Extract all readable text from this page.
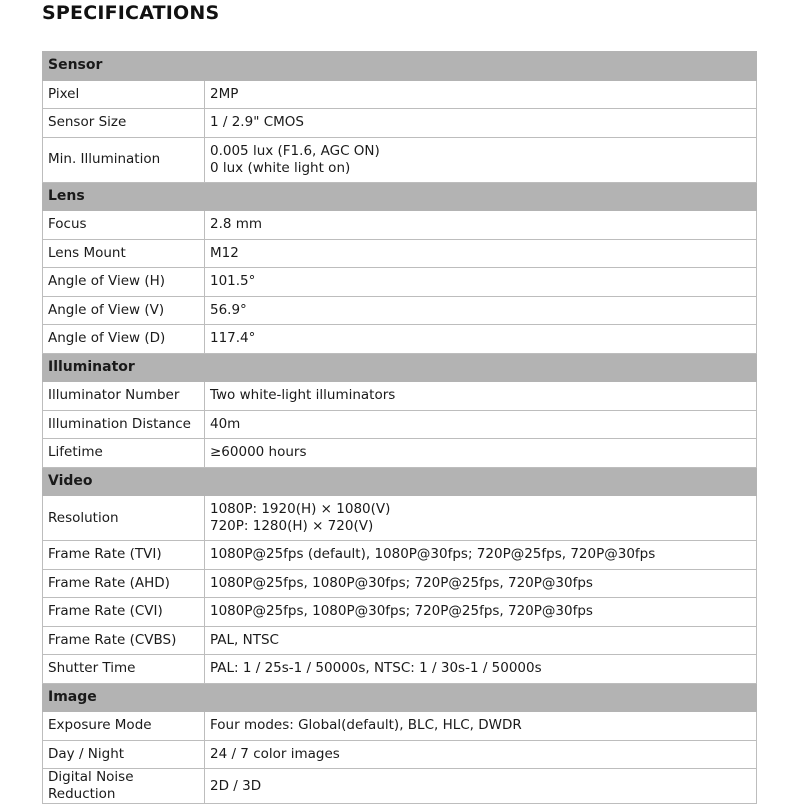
SPECIFICATIONS
Sensor	
Pixel	2MP

Sensor Size	1 / 2.9" CMOS

Min. Illumination	0.005 lux (F1.6, AGC ON)
0 lux (white light on)

Lens	
Focus	2.8 mm

Lens Mount	M12

Angle of View (H)	101.5°

Angle of View (V)	56.9°

Angle of View (D)	117.4°

Illuminator	
Illuminator Number	Two white-light illuminators

Illumination Distance	40m

Lifetime	≥60000 hours

Video	
Resolution	1080P: 1920(H) × 1080(V)
720P: 1280(H) × 720(V)

Frame Rate (TVI)	1080P@25fps (default), 1080P@30fps; 720P@25fps, 720P@30fps

Frame Rate (AHD)	1080P@25fps, 1080P@30fps; 720P@25fps, 720P@30fps

Frame Rate (CVI)	1080P@25fps, 1080P@30fps; 720P@25fps, 720P@30fps

Frame Rate (CVBS)	PAL, NTSC

Shutter Time	PAL: 1 / 25s-1 / 50000s, NTSC: 1 / 30s-1 / 50000s

Image	
Exposure Mode	Four modes: Global(default), BLC, HLC, DWDR

Day / Night	24 / 7 color images

Digital Noise Reduction	2D / 3D
